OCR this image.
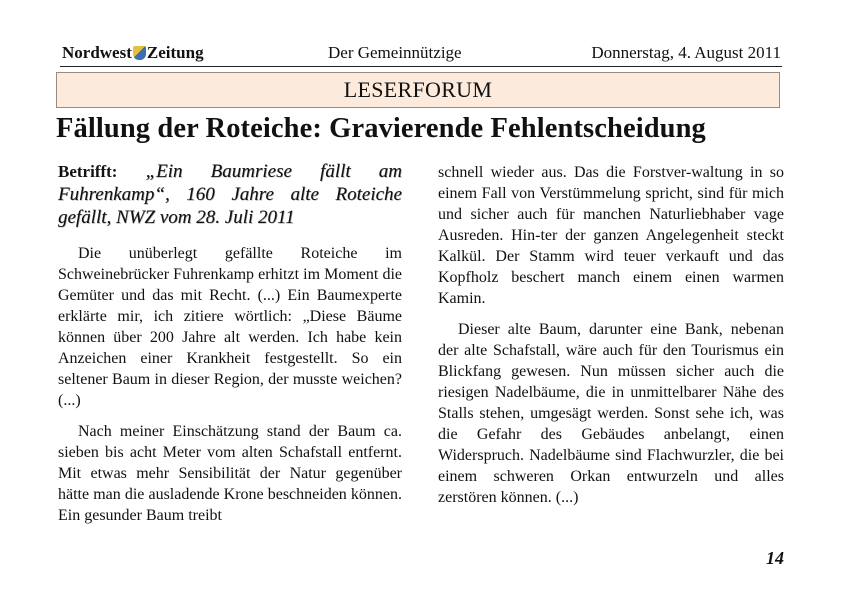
Nordwest Zeitung	Der Gemeinnützige	Donnerstag, 4. August 2011
LESERFORUM
Fällung der Roteiche: Gravierende Fehlentscheidung
Betrifft: „Ein Baumriese fällt am Fuhrenkamp“, 160 Jahre alte Roteiche gefällt, NWZ vom 28. Juli 2011

Die unüberlegt gefällte Roteiche im Schweinebrücker Fuhrenkamp erhitzt im Moment die Gemüter und das mit Recht. (...) Ein Baumexperte erklärte mir, ich zitiere wörtlich: „Diese Bäume können über 200 Jahre alt werden. Ich habe kein Anzeichen einer Krankheit festgestellt. So ein seltener Baum in dieser Region, der musste weichen? (...)

Nach meiner Einschätzung stand der Baum ca. sieben bis acht Meter vom alten Schafstall entfernt. Mit etwas mehr Sensibilität der Natur gegenüber hätte man die ausladende Krone beschneiden können. Ein gesunder Baum treibt

schnell wieder aus. Das die Forstver-waltung in so einem Fall von Verstümmelung spricht, sind für mich und sicher auch für manchen Naturliebhaber vage Ausreden. Hin-ter der ganzen Angelegenheit steckt Kalkül. Der Stamm wird teuer verkauft und das Kopfholz beschert manch einem einen warmen Kamin.

Dieser alte Baum, darunter eine Bank, nebenan der alte Schafstall, wäre auch für den Tourismus ein Blickfang gewesen. Nun müssen sicher auch die riesigen Nadelbäume, die in unmittelbarer Nähe des Stalls stehen, umgesägt werden. Sonst sehe ich, was die Gefahr des Gebäudes anbelangt, einen Widerspruch. Nadelbäume sind Flachwurzler, die bei einem schweren Orkan entwurzeln und alles zerstören können. (...)

14
